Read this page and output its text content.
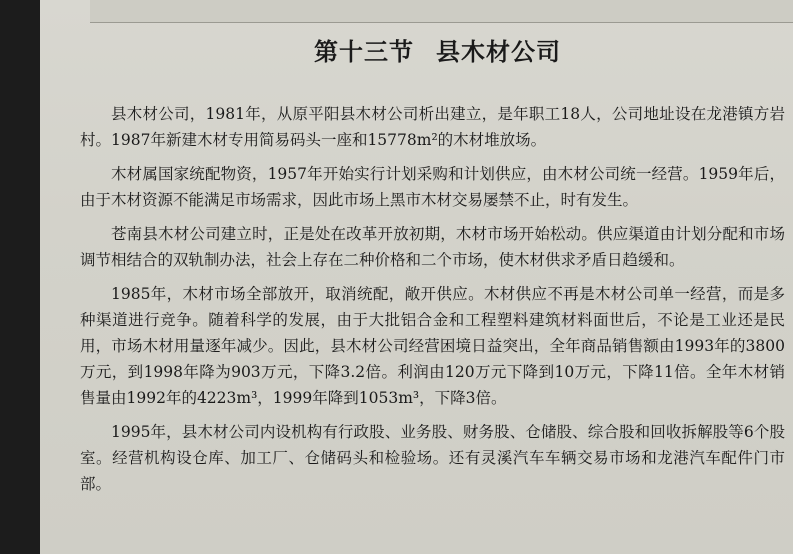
第十三节 县木材公司

县木材公司，1981年，从原平阳县木材公司析出建立，是年职工18人，公司地址设在龙港镇方岩村。1987年新建木材专用简易码头一座和15778m²的木材堆放场。

木材属国家统配物资，1957年开始实行计划采购和计划供应，由木材公司统一经营。1959年后，由于木材资源不能满足市场需求，因此市场上黑市木材交易屡禁不止，时有发生。

苍南县木材公司建立时，正是处在改革开放初期，木材市场开始松动。供应渠道由计划分配和市场调节相结合的双轨制办法，社会上存在二种价格和二个市场，使木材供求矛盾日趋缓和。

1985年，木材市场全部放开，取消统配，敞开供应。木材供应不再是木材公司单一经营，而是多种渠道进行竞争。随着科学的发展，由于大批铝合金和工程塑料建筑材料面世后，不论是工业还是民用，市场木材用量逐年减少。因此，县木材公司经营困境日益突出，全年商品销售额由1993年的3800万元，到1998年降为903万元，下降3.2倍。利润由120万元下降到10万元，下降11倍。全年木材销售量由1992年的4223m³，1999年降到1053m³，下降3倍。

1995年，县木材公司内设机构有行政股、业务股、财务股、仓储股、综合股和回收拆解股等6个股室。经营机构设仓库、加工厂、仓储码头和检验场。还有灵溪汽车车辆交易市场和龙港汽车配件门市部。
